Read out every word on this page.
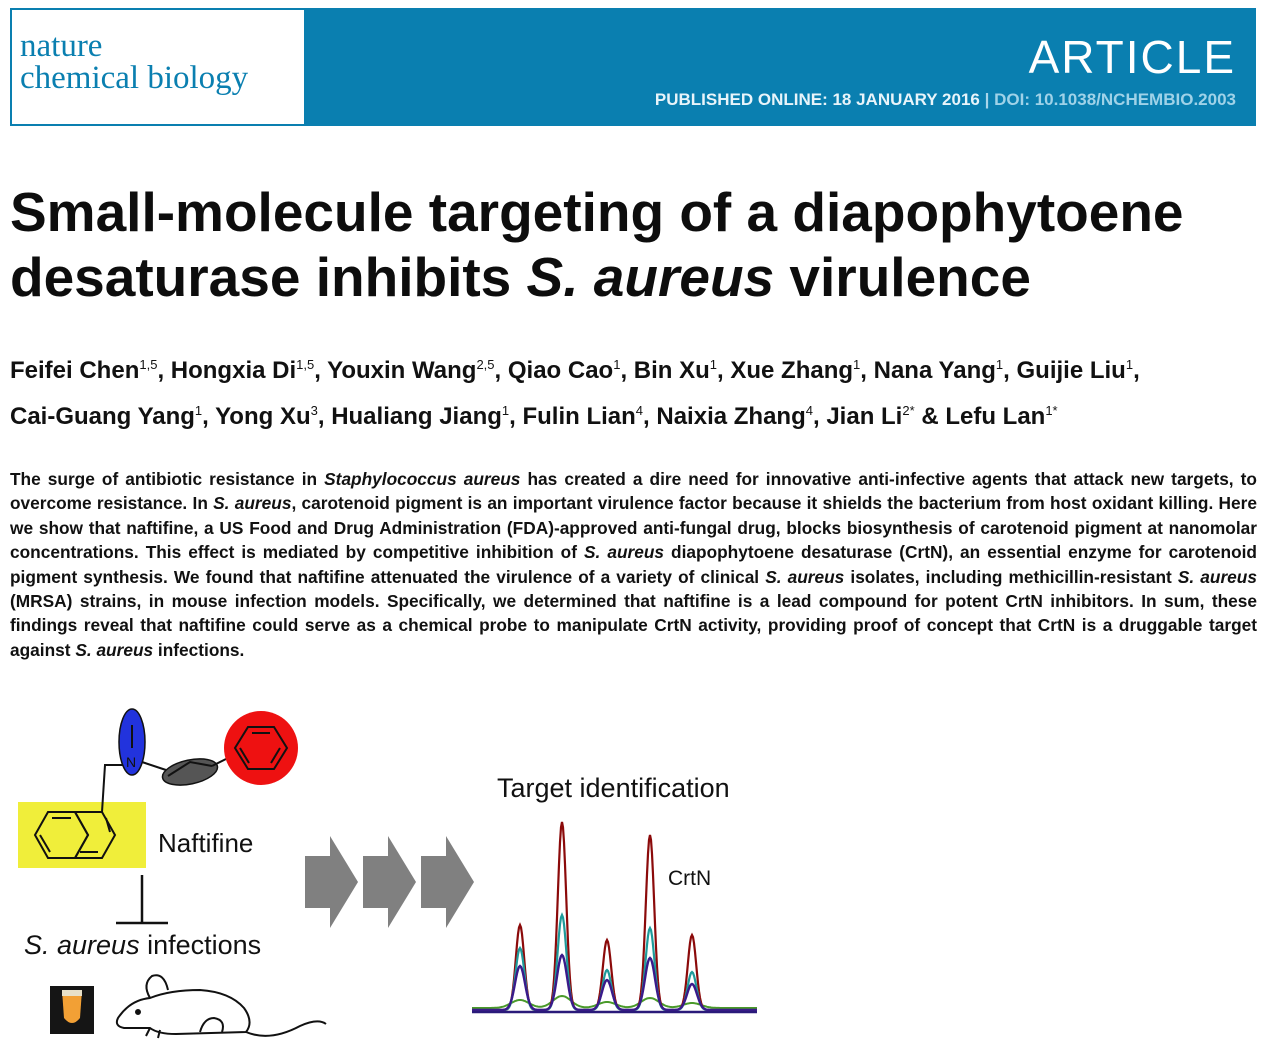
nature
chemical biology	ARTICLE
PUBLISHED ONLINE: 18 JANUARY 2016 | DOI: 10.1038/NCHEMBIO.2003
Small-molecule targeting of a diapophytoene desaturase inhibits S. aureus virulence

Feifei Chen$^{1,5}$, Hongxia Di$^{1,5}$, Youxin Wang$^{2,5}$, Qiao Cao$^1$, Bin Xu$^1$, Xue Zhang$^1$, Nana Yang$^1$, Guijie Liu$^1$,
Cai-Guang Yang$^1$, Yong Xu$^3$, Hualiang Jiang$^1$, Fulin Lian$^4$, Naixia Zhang$^4$, Jian $Li^{2*}$ & Lefu Lan$^{1*}$

The surge of antibiotic resistance in Staphylococcus aureus has created a dire need for innovative anti-infective agents that attack new targets, to overcome resistance. In S. aureus, carotenoid pigment is an important virulence factor because it shields the bacterium from host oxidant killing. Here we show that naftifine, a US Food and Drug Administration (FDA)-approved anti-fungal drug, blocks biosynthesis of carotenoid pigment at nanomolar concentrations. This effect is mediated by competitive inhibition of S. aureus diapophytoene desaturase (CrtN), an essential enzyme for carotenoid pigment synthesis. We found that naftifine attenuated the virulence of a variety of clinical S. aureus isolates, including methicillin-resistant S. aureus (MRSA) strains, in mouse infection models. Specifically, we determined that naftifine is a lead compound for potent CrtN inhibitors. In sum, these findings reveal that naftifine could serve as a chemical probe to manipulate CrtN activity, providing proof of concept that CrtN is a druggable target against S. aureus infections.

N
Naftifine
S. aureus infections
Target identification
CrtN
